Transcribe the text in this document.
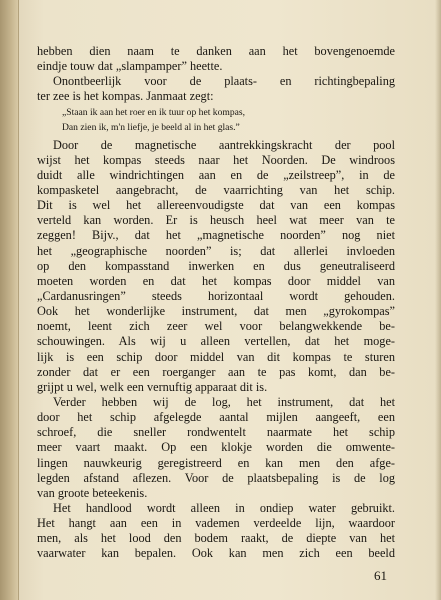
hebben dien naam te danken aan het bovengenoemde
eindje touw dat „slampamper” heette.
Onontbeerlijk voor de plaats- en richtingbepaling
ter zee is het kompas. Janmaat zegt:
„Staan ik aan het roer en ik tuur op het kompas,
Dan zien ik, m'n liefje, je beeld al in het glas.”
Door de magnetische aantrekkingskracht der pool
wijst het kompas steeds naar het Noorden. De windroos
duidt alle windrichtingen aan en de „zeilstreep”, in de
kompasketel aangebracht, de vaarrichting van het schip.
Dit is wel het allereenvoudigste dat van een kompas
verteld kan worden. Er is heusch heel wat meer van te
zeggen! Bijv., dat het „magnetische noorden” nog niet
het „geographische noorden” is; dat allerlei invloeden
op den kompasstand inwerken en dus geneutraliseerd
moeten worden en dat het kompas door middel van
„Cardanusringen” steeds horizontaal wordt gehouden.
Ook het wonderlijke instrument, dat men „gyrokompas”
noemt, leent zich zeer wel voor belangwekkende be-
schouwingen. Als wij u alleen vertellen, dat het moge-
lijk is een schip door middel van dit kompas te sturen
zonder dat er een roerganger aan te pas komt, dan be-
grijpt u wel, welk een vernuftig apparaat dit is.
Verder hebben wij de log, het instrument, dat het
door het schip afgelegde aantal mijlen aangeeft, een
schroef, die sneller rondwentelt naarmate het schip
meer vaart maakt. Op een klokje worden die omwente-
lingen nauwkeurig geregistreerd en kan men den afge-
legden afstand aflezen. Voor de plaatsbepaling is de log
van groote beteekenis.
Het handlood wordt alleen in ondiep water gebruikt.
Het hangt aan een in vademen verdeelde lijn, waardoor
men, als het lood den bodem raakt, de diepte van het
vaarwater kan bepalen. Ook kan men zich een beeld
61
